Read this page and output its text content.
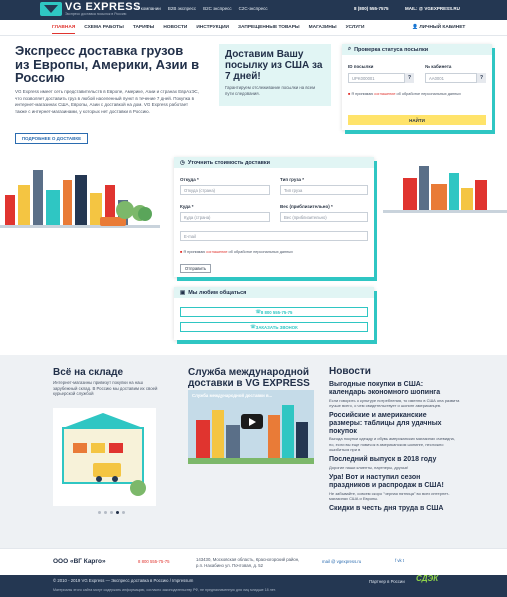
VG EXPRESS
Экспресс доставка посылок в Россию
О компании B2B экспресс B2C экспресс C2C-экспресс	8 (800) 555-7575	MAIL: @ VGEXPRESS.RU
ГЛАВНАЯ СХЕМА РАБОТЫ ТАРИФЫ НОВОСТИ ИНСТРУКЦИИ ЗАПРЕЩЕННЫЕ ТОВАРЫ МАГАЗИНЫ УСЛУГИ	👤 ЛИЧНЫЙ КАБИНЕТ
Экспресс доставка грузов из Европы, Америки, Азии в Россию
VG Express имеет сеть представительств в Европе, Америке, Азии и странах ЕврАзЭС, что позволяет доставить груз в любой населенный пункт в течение 7 дней. Покупка в интернет-магазинах США, Европы, Азии с доставкой на дом. VG Express работает также с интернет-магазинами, у которых нет доставки в Россию.
ПОДРОБНЕЕ О ДОСТАВКЕ
Доставим Вашу посылку из США за 7 дней!
Гарантируем отслеживание посылки на всем пути следования.
⌕ Проверка статуса посылки
ID посылки
UPK000001	?
№ кабинета
AA0001	?
■ Я принимаю соглашение об обработке персональных данных
НАЙТИ
◷ Уточнить стоимость доставки
Откуда *
Откуда (страна)
Тип груза *
Тип груза
Куда *
Куда (страна)
Вес (приблизительно) *
Вес (приблизительно)
E-mail
■ Я принимаю соглашение об обработке персональных данных
Отправить
▣ Мы любим общаться
☏ 8 800 555-75-75
☏ ЗАКАЗАТЬ ЗВОНОК
Всё на складе
Интернет-магазины привезут покупки на наш зарубежный склад. В Россию мы доставим их своей курьерской службой
Служба международной доставки в VG EXPRESS
Служба международной доставки в...
Новости
Выгодные покупки в США: календарь экономного шопинга
Если говорить о культуре потребления, то именно в США она развита лучше всего, о чем свидетельствует и шопинг американцев.
Российские и американские размеры: таблицы для удачных покупок
Выгода покупки одежду и обувь американских магазинах очевидна, но, если вы еще новичок в американском шопинге, несложно ошибиться при в
Последний выпуск в 2018 году
Дорогие наши клиенты, партнеры, друзья!
Ура! Вот и наступил сезон праздников и распродаж в США!
Не забывайте, совсем скоро "черная пятница" во всех интернет-магазинах США и Европы.
Скидки в честь дня труда в США
ООО «ВГ Карго»	8 800 555-75-75	143430, Московская область, Красногорский район, р.п. Нахабино ул. Почтовая, д. 52
mail @ vgexpress.ru	f vk t
© 2010 - 2019 VG Express — Экспресс доставка в Россию / Impressum	Партнер в России СДЭК
Материалы этого сайта могут содержать информацию, согласно законодательству РФ, не предназначенную для лиц младше 18 лет.
